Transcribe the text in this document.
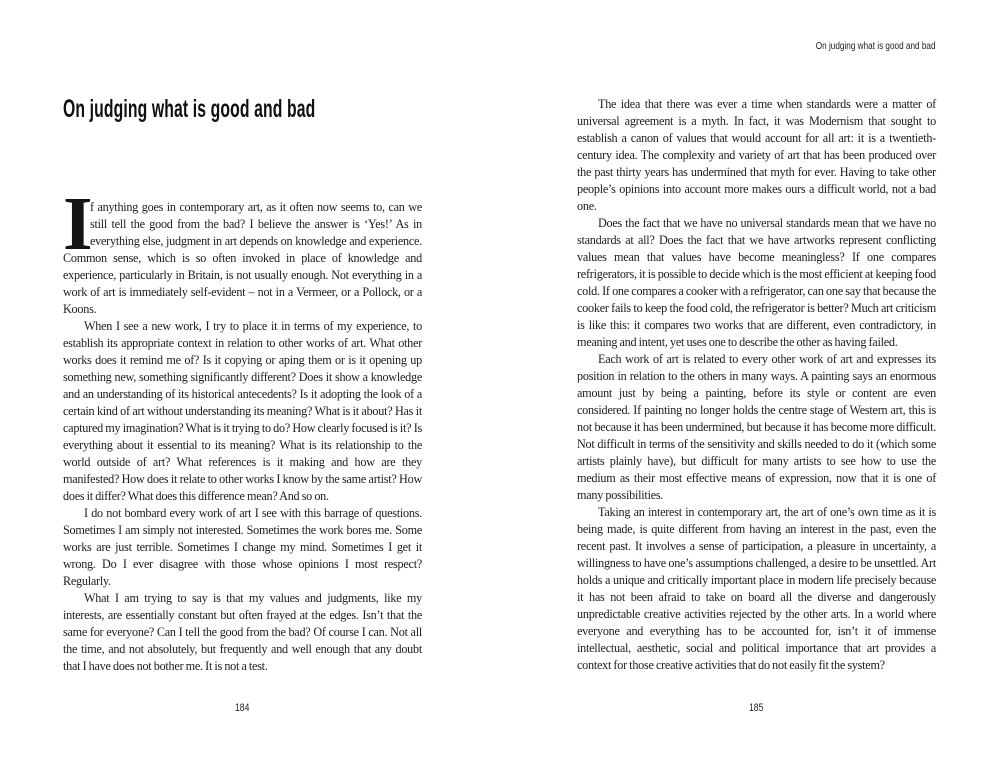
On judging what is good and bad

I
f anything goes in contemporary art, as it often now seems to, can we still tell the good from the bad? I believe the answer is ‘Yes!’ As in everything else, judgment in art depends on knowledge and experience. Common sense, which is so often invoked in place of knowledge and experience, particularly in Britain, is not usually enough. Not everything in a work of art is immediately self-evident – not in a Vermeer, or a Pollock, or a Koons.

When I see a new work, I try to place it in terms of my experience, to establish its appropriate context in relation to other works of art. What other works does it remind me of? Is it copying or aping them or is it opening up something new, something significantly different? Does it show a knowledge and an understanding of its historical antecedents? Is it adopting the look of a certain kind of art without understanding its meaning? What is it about? Has it captured my imagination? What is it trying to do? How clearly focused is it? Is everything about it essential to its meaning? What is its relationship to the world outside of art? What references is it making and how are they manifested? How does it relate to other works I know by the same artist? How does it differ? What does this difference mean? And so on.

I do not bombard every work of art I see with this barrage of questions. Sometimes I am simply not interested. Sometimes the work bores me. Some works are just terrible. Sometimes I change my mind. Sometimes I get it wrong. Do I ever disagree with those whose opinions I most respect? Regularly.

What I am trying to say is that my values and judgments, like my interests, are essentially constant but often frayed at the edges. Isn’t that the same for everyone? Can I tell the good from the bad? Of course I can. Not all the time, and not absolutely, but frequently and well enough that any doubt that I have does not bother me. It is not a test.

184
On judging what is good and bad

The idea that there was ever a time when standards were a matter of universal agreement is a myth. In fact, it was Modernism that sought to establish a canon of values that would account for all art: it is a twentieth-century idea. The complexity and variety of art that has been produced over the past thirty years has undermined that myth for ever. Having to take other people’s opinions into account more makes ours a difficult world, not a bad one.

Does the fact that we have no universal standards mean that we have no standards at all? Does the fact that we have artworks represent conflicting values mean that values have become meaningless? If one compares refrigerators, it is possible to decide which is the most efficient at keeping food cold. If one compares a cooker with a refrigerator, can one say that because the cooker fails to keep the food cold, the refrigerator is better? Much art criticism is like this: it compares two works that are different, even contradictory, in meaning and intent, yet uses one to describe the other as having failed.

Each work of art is related to every other work of art and expresses its position in relation to the others in many ways. A painting says an enormous amount just by being a painting, before its style or content are even considered. If painting no longer holds the centre stage of Western art, this is not because it has been undermined, but because it has become more difficult. Not difficult in terms of the sensitivity and skills needed to do it (which some artists plainly have), but difficult for many artists to see how to use the medium as their most effective means of expression, now that it is one of many possibilities.

Taking an interest in contemporary art, the art of one’s own time as it is being made, is quite different from having an interest in the past, even the recent past. It involves a sense of participation, a pleasure in uncertainty, a willingness to have one’s assumptions challenged, a desire to be unsettled. Art holds a unique and critically important place in modern life precisely because it has not been afraid to take on board all the diverse and dangerously unpredictable creative activities rejected by the other arts. In a world where everyone and everything has to be accounted for, isn’t it of immense intellectual, aesthetic, social and political importance that art provides a context for those creative activities that do not easily fit the system?

185
